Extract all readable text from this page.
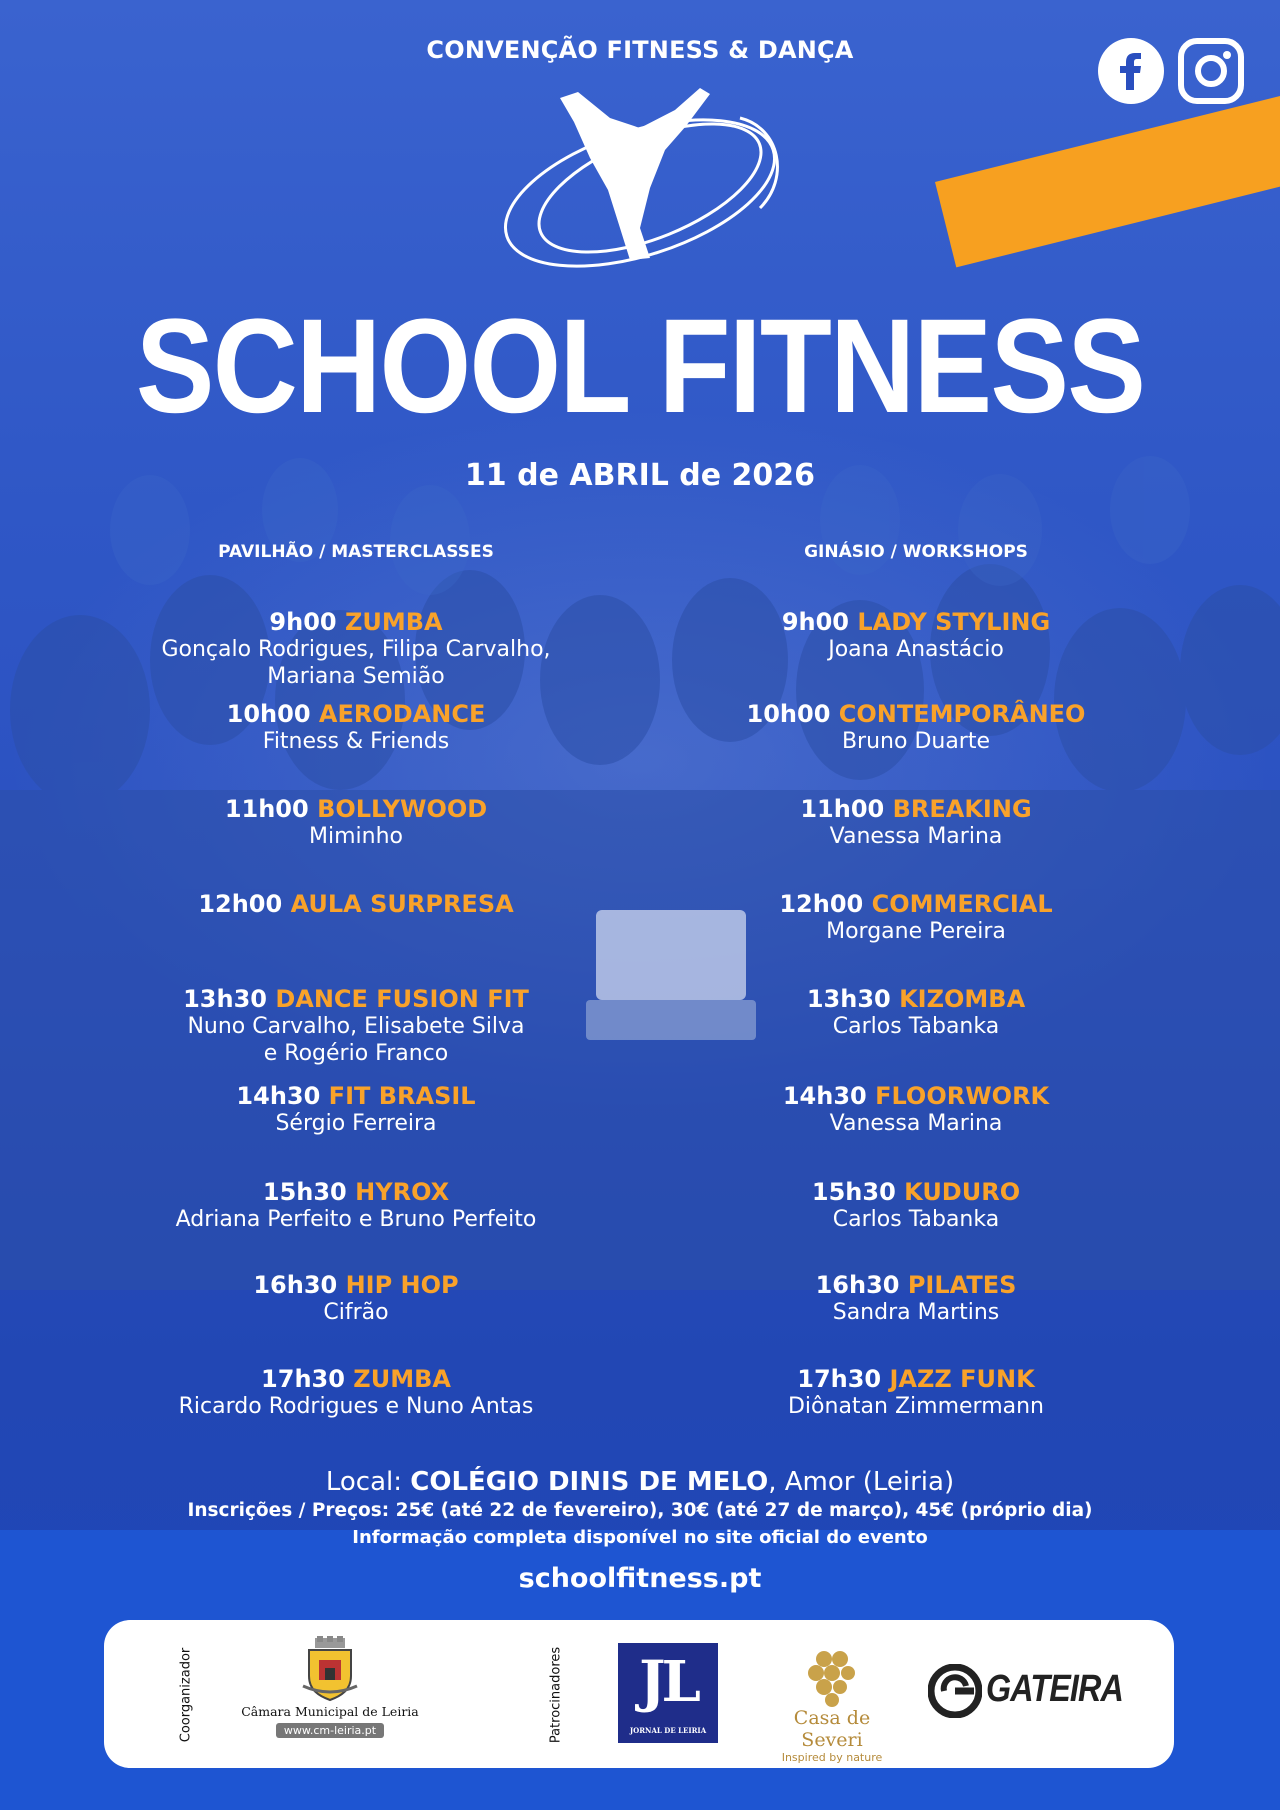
CONVENÇÃO FITNESS & DANÇA
SCHOOL FITNESS
11 de ABRIL de 2026
PAVILHÃO / MASTERCLASSES	GINÁSIO / WORKSHOPS
9h00 ZUMBA
Gonçalo Rodrigues, Filipa Carvalho,
Mariana Semião
10h00 AERODANCE
Fitness & Friends
11h00 BOLLYWOOD
Miminho
12h00 AULA SURPRESA
13h30 DANCE FUSION FIT
Nuno Carvalho, Elisabete Silva
e Rogério Franco
14h30 FIT BRASIL
Sérgio Ferreira
15h30 HYROX
Adriana Perfeito e Bruno Perfeito
16h30 HIP HOP
Cifrão
17h30 ZUMBA
Ricardo Rodrigues e Nuno Antas
9h00 LADY STYLING
Joana Anastácio
10h00 CONTEMPORÂNEO
Bruno Duarte
11h00 BREAKING
Vanessa Marina
12h00 COMMERCIAL
Morgane Pereira
13h30 KIZOMBA
Carlos Tabanka
14h30 FLOORWORK
Vanessa Marina
15h30 KUDURO
Carlos Tabanka
16h30 PILATES
Sandra Martins
17h30 JAZZ FUNK
Diônatan Zimmermann
Local: COLÉGIO DINIS DE MELO, Amor (Leiria)
Inscrições / Preços: 25€ (até 22 de fevereiro), 30€ (até 27 de março), 45€ (próprio dia)
Informação completa disponível no site oficial do evento
schoolfitness.pt
Coorganizador	Patrocinadores
Câmara Municipal de Leiria
www.cm-leiria.pt
JL
JORNAL DE LEIRIA
Casa de Severi
Inspired by nature
GATEIRA
